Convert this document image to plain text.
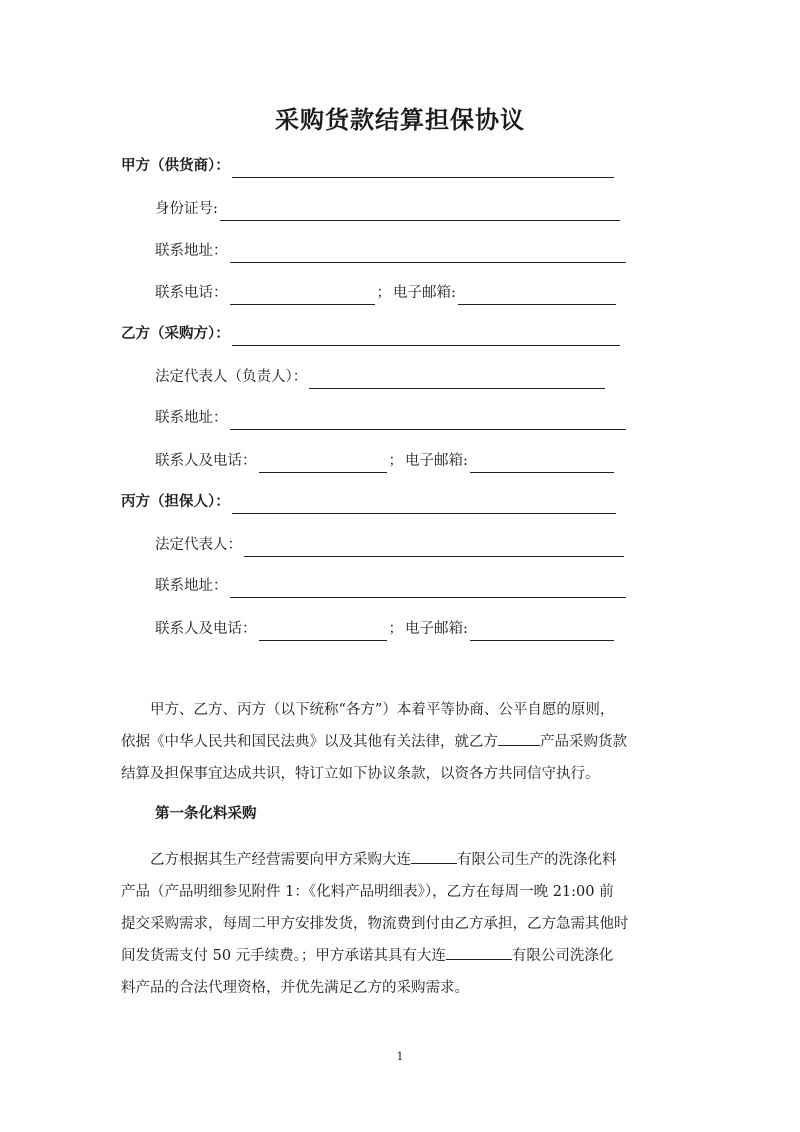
采购货款结算担保协议
甲方（供货商）：
身份证号:
联系地址：
联系电话：	； 电子邮箱:
乙方（采购方）：
法定代表人（负责人）：
联系地址：
联系人及电话：	； 电子邮箱:
丙方（担保人）：
法定代表人：
联系地址：
联系人及电话：	； 电子邮箱:
　　甲方、乙方、丙方（以下统称“各方”）本着平等协商、公平自愿的原则，
依据《中华人民共和国民法典》以及其他有关法律，就乙方	产品采购货款
结算及担保事宜达成共识，特订立如下协议条款，以资各方共同信守执行。
第一条化料采购
　　乙方根据其生产经营需要向甲方采购大连	有限公司生产的洗涤化料
产品（产品明细参见附件 1：《化料产品明细表》），乙方在每周一晚 21:00 前
提交采购需求，每周二甲方安排发货，物流费到付由乙方承担，乙方急需其他时
间发货需支付 50 元手续费。；甲方承诺其具有大连	有限公司洗涤化
料产品的合法代理资格，并优先满足乙方的采购需求。
1
